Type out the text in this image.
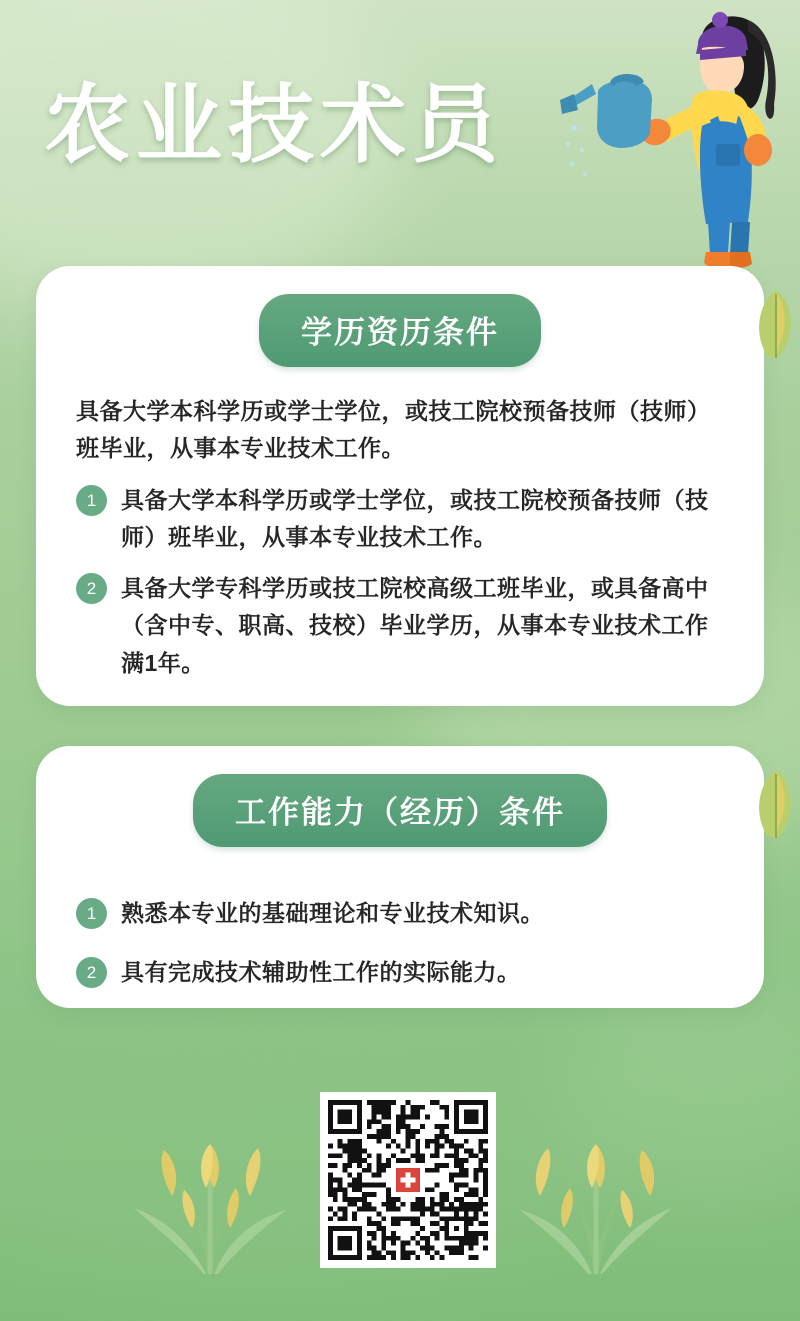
农业技术员
学历资历条件

具备大学本科学历或学士学位，或技工院校预备技师（技师）班毕业，从事本专业技术工作。

1	具备大学本科学历或学士学位，或技工院校预备技师（技师）班毕业，从事本专业技术工作。
2	具备大学专科学历或技工院校高级工班毕业，或具备高中（含中专、职高、技校）毕业学历，从事本专业技术工作满1年。
工作能力（经历）条件
1	熟悉本专业的基础理论和专业技术知识。
2	具有完成技术辅助性工作的实际能力。
